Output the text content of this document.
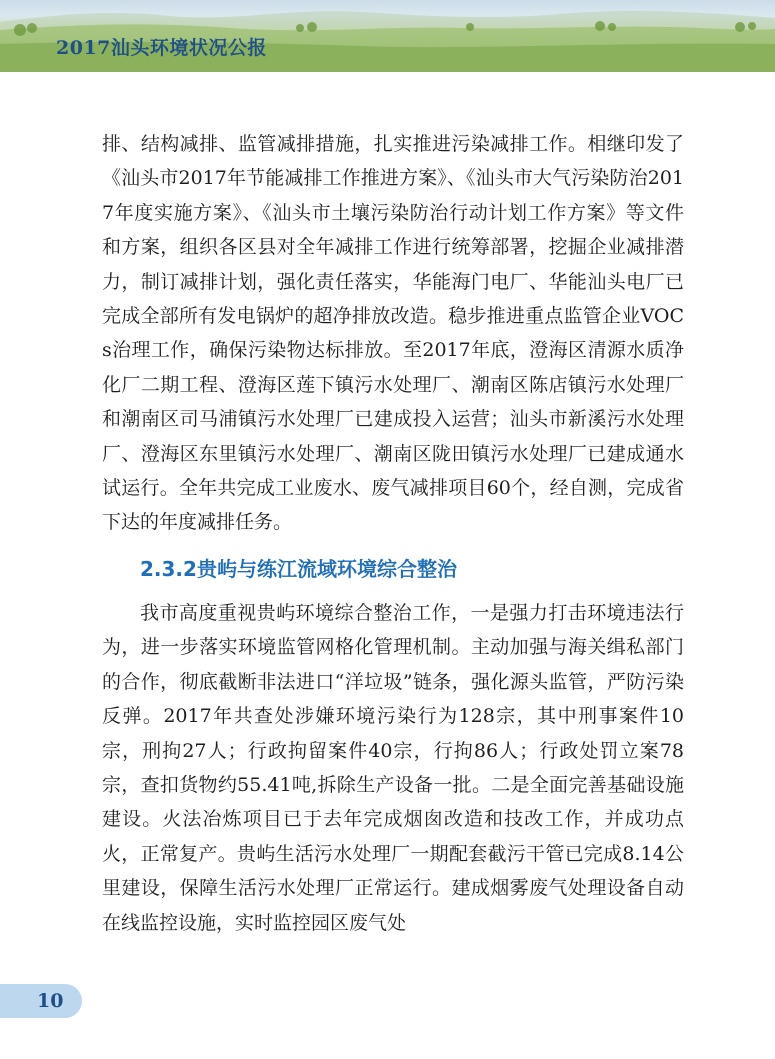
2017汕头环境状况公报

排、结构减排、监管减排措施，扎实推进污染减排工作。相继印发了《汕头市2017年节能减排工作推进方案》、《汕头市大气污染防治2017年度实施方案》、《汕头市土壤污染防治行动计划工作方案》等文件和方案，组织各区县对全年减排工作进行统筹部署，挖掘企业减排潜力，制订减排计划，强化责任落实，华能海门电厂、华能汕头电厂已完成全部所有发电锅炉的超净排放改造。稳步推进重点监管企业VOCs治理工作，确保污染物达标排放。至2017年底，澄海区清源水质净化厂二期工程、澄海区莲下镇污水处理厂、潮南区陈店镇污水处理厂和潮南区司马浦镇污水处理厂已建成投入运营；汕头市新溪污水处理厂、澄海区东里镇污水处理厂、潮南区陇田镇污水处理厂已建成通水试运行。全年共完成工业废水、废气减排项目60个，经自测，完成省下达的年度减排任务。

2.3.2贵屿与练江流域环境综合整治

我市高度重视贵屿环境综合整治工作，一是强力打击环境违法行为，进一步落实环境监管网格化管理机制。主动加强与海关缉私部门的合作，彻底截断非法进口“洋垃圾”链条，强化源头监管，严防污染反弹。2017年共查处涉嫌环境污染行为128宗，其中刑事案件10宗，刑拘27人；行政拘留案件40宗，行拘86人；行政处罚立案78宗，查扣货物约55.41吨,拆除生产设备一批。二是全面完善基础设施建设。火法冶炼项目已于去年完成烟囱改造和技改工作，并成功点火，正常复产。贵屿生活污水处理厂一期配套截污干管已完成8.14公里建设，保障生活污水处理厂正常运行。建成烟雾废气处理设备自动在线监控设施，实时监控园区废气处

10
